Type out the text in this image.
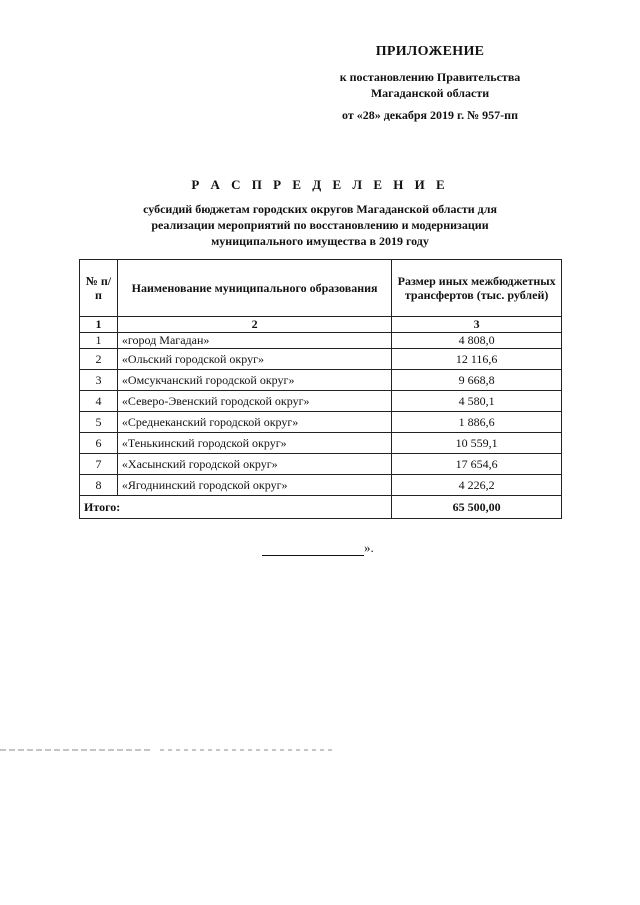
ПРИЛОЖЕНИЕ
к постановлению Правительства
Магаданской области
от «28» декабря 2019 г. № 957-пп
Р А С П Р Е Д Е Л Е Н И Е
субсидий бюджетам городских округов Магаданской области для
реализации мероприятий по восстановлению и модернизации
муниципального имущества в 2019 году
№ п/п	Наименование муниципального образования	Размер иных межбюджетных трансфертов (тыс. рублей)
1	2	3
1	«город Магадан»	4 808,0
2	«Ольский городской округ»	12 116,6
3	«Омсукчанский городской округ»	9 668,8
4	«Северо-Эвенский городской округ»	4 580,1
5	«Среднеканский городской округ»	1 886,6
6	«Тенькинский городской округ»	10 559,1
7	«Хасынский городской округ»	17 654,6
8	«Ягоднинский городской округ»	4 226,2
Итого:		65 500,00
».
